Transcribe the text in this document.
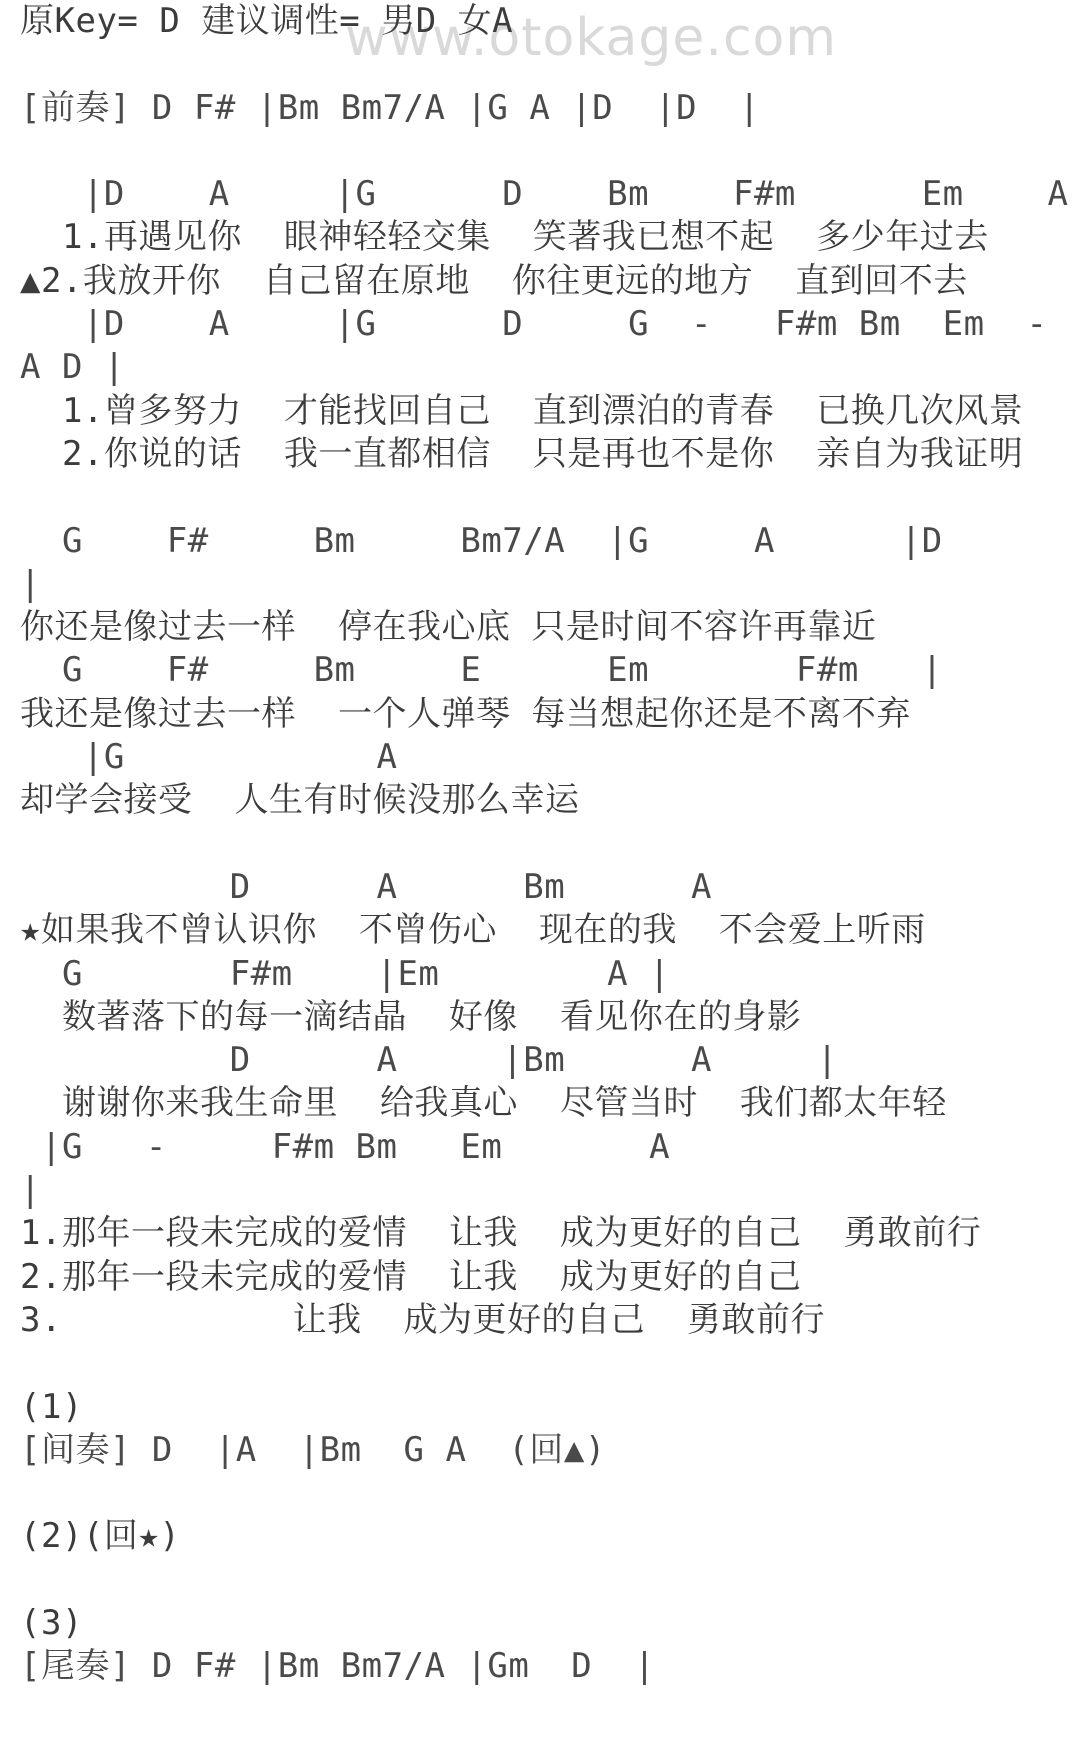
www.otokage.com
原Key= D 建议调性= 男D 女A
[前奏] D F# |Bm Bm7/A |G A |D  |D  |
|D    A     |G      D    Bm    F#m      Em    A
1.再遇见你  眼神轻轻交集  笑著我已想不起  多少年过去
▲2.我放开你  自己留在原地  你往更远的地方  直到回不去
|D    A     |G      D     G  -   F#m Bm  Em  -
A D |
1.曾多努力  才能找回自己  直到漂泊的青春  已换几次风景
2.你说的话  我一直都相信  只是再也不是你  亲自为我证明
G    F#     Bm     Bm7/A  |G     A      |D
|
你还是像过去一样  停在我心底 只是时间不容许再靠近
G    F#     Bm     E      Em       F#m   |
我还是像过去一样  一个人弹琴 每当想起你还是不离不弃
|G            A
却学会接受  人生有时候没那么幸运
D      A      Bm      A
★如果我不曾认识你  不曾伤心  现在的我  不会爱上听雨
G       F#m    |Em        A |
数著落下的每一滴结晶  好像  看见你在的身影
D      A     |Bm      A     |
谢谢你来我生命里  给我真心  尽管当时  我们都太年轻
|G   -     F#m Bm   Em       A
|
1.那年一段未完成的爱情  让我  成为更好的自己  勇敢前行
2.那年一段未完成的爱情  让我  成为更好的自己
3.           让我  成为更好的自己  勇敢前行
(1)
[间奏] D  |A  |Bm  G A  (回▲)
(2)(回★)
(3)
[尾奏] D F# |Bm Bm7/A |Gm  D  |
